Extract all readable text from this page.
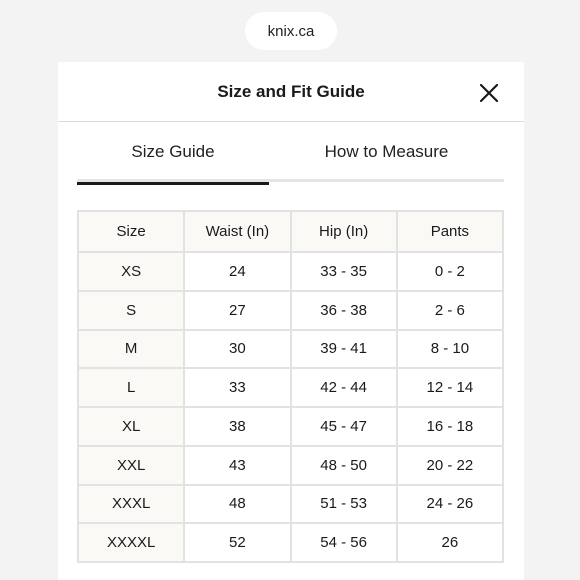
knix.ca
Size and Fit Guide
Size Guide	How to Measure
Size	Waist (In)	Hip (In)	Pants
XS	24	33 - 35	0 - 2
S	27	36 - 38	2 - 6
M	30	39 - 41	8 - 10
L	33	42 - 44	12 - 14
XL	38	45 - 47	16 - 18
XXL	43	48 - 50	20 - 22
XXXL	48	51 - 53	24 - 26
XXXXL	52	54 - 56	26
